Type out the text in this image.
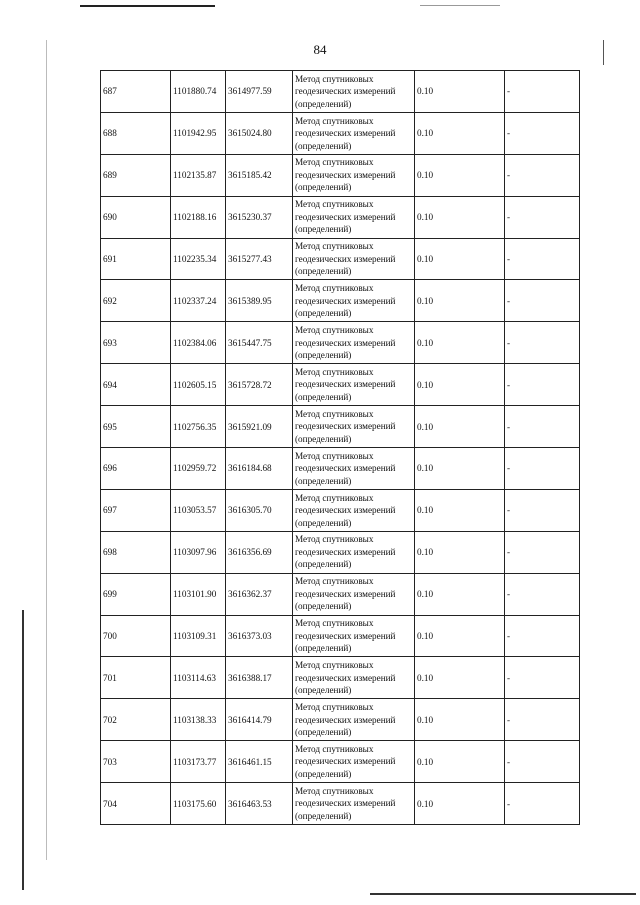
84
687	1101880.74	3614977.59	Метод спутниковых геодезических измерений (определений)	0.10	-
688	1101942.95	3615024.80	Метод спутниковых геодезических измерений (определений)	0.10	-
689	1102135.87	3615185.42	Метод спутниковых геодезических измерений (определений)	0.10	-
690	1102188.16	3615230.37	Метод спутниковых геодезических измерений (определений)	0.10	-
691	1102235.34	3615277.43	Метод спутниковых геодезических измерений (определений)	0.10	-
692	1102337.24	3615389.95	Метод спутниковых геодезических измерений (определений)	0.10	-
693	1102384.06	3615447.75	Метод спутниковых геодезических измерений (определений)	0.10	-
694	1102605.15	3615728.72	Метод спутниковых геодезических измерений (определений)	0.10	-
695	1102756.35	3615921.09	Метод спутниковых геодезических измерений (определений)	0.10	-
696	1102959.72	3616184.68	Метод спутниковых геодезических измерений (определений)	0.10	-
697	1103053.57	3616305.70	Метод спутниковых геодезических измерений (определений)	0.10	-
698	1103097.96	3616356.69	Метод спутниковых геодезических измерений (определений)	0.10	-
699	1103101.90	3616362.37	Метод спутниковых геодезических измерений (определений)	0.10	-
700	1103109.31	3616373.03	Метод спутниковых геодезических измерений (определений)	0.10	-
701	1103114.63	3616388.17	Метод спутниковых геодезических измерений (определений)	0.10	-
702	1103138.33	3616414.79	Метод спутниковых геодезических измерений (определений)	0.10	-
703	1103173.77	3616461.15	Метод спутниковых геодезических измерений (определений)	0.10	-
704	1103175.60	3616463.53	Метод спутниковых геодезических измерений (определений)	0.10	-
